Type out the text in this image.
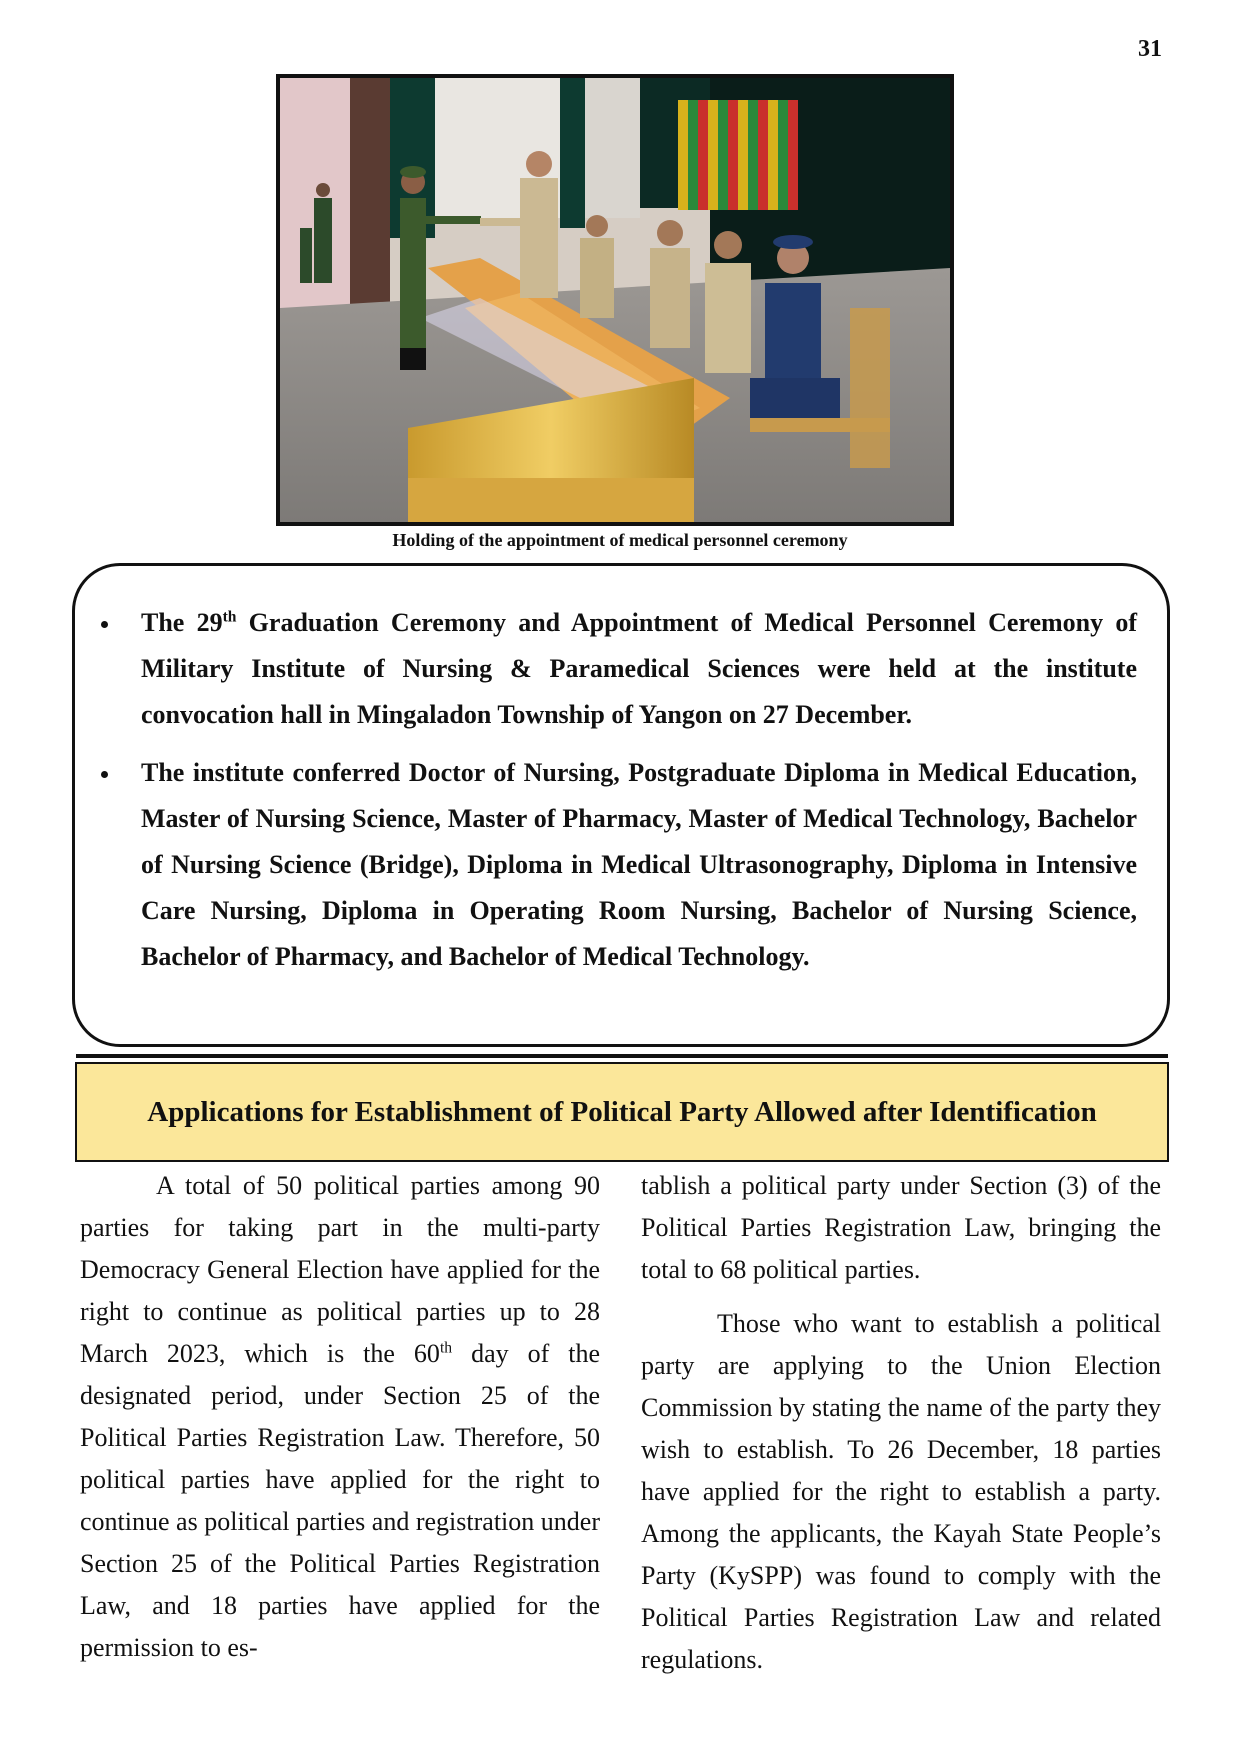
31
Holding of the appointment of medical personnel ceremony
The 29th Graduation Ceremony and Appointment of Medical Personnel Ceremony of Military Institute of Nursing & Paramedical Sciences were held at the institute convocation hall in Mingaladon Township of Yangon on 27 December.
The institute conferred Doctor of Nursing, Postgraduate Diploma in Medical Education, Master of Nursing Science, Master of Pharmacy, Master of Medical Technology, Bachelor of Nursing Science (Bridge), Diploma in Medical Ultrasonography, Diploma in Intensive Care Nursing, Diploma in Operating Room Nursing, Bachelor of Nursing Science, Bachelor of Pharmacy, and Bachelor of Medical Technology.
Applications for Establishment of Political Party Allowed after Identification

A total of 50 political parties among 90 parties for taking part in the multi-party Democracy General Election have applied for the right to continue as political parties up to 28 March 2023, which is the 60th day of the designated period, under Section 25 of the Political Parties Registration Law. Therefore, 50 political parties have applied for the right to continue as political parties and registration under Section 25 of the Political Parties Registration Law, and 18 parties have applied for the permission to es-

tablish a political party under Section (3) of the Political Parties Registration Law, bringing the total to 68 political parties.

Those who want to establish a political party are applying to the Union Election Commission by stating the name of the party they wish to establish. To 26 December, 18 parties have applied for the right to establish a party. Among the applicants, the Kayah State People’s Party (KySPP) was found to comply with the Political Parties Registration Law and related regulations.
